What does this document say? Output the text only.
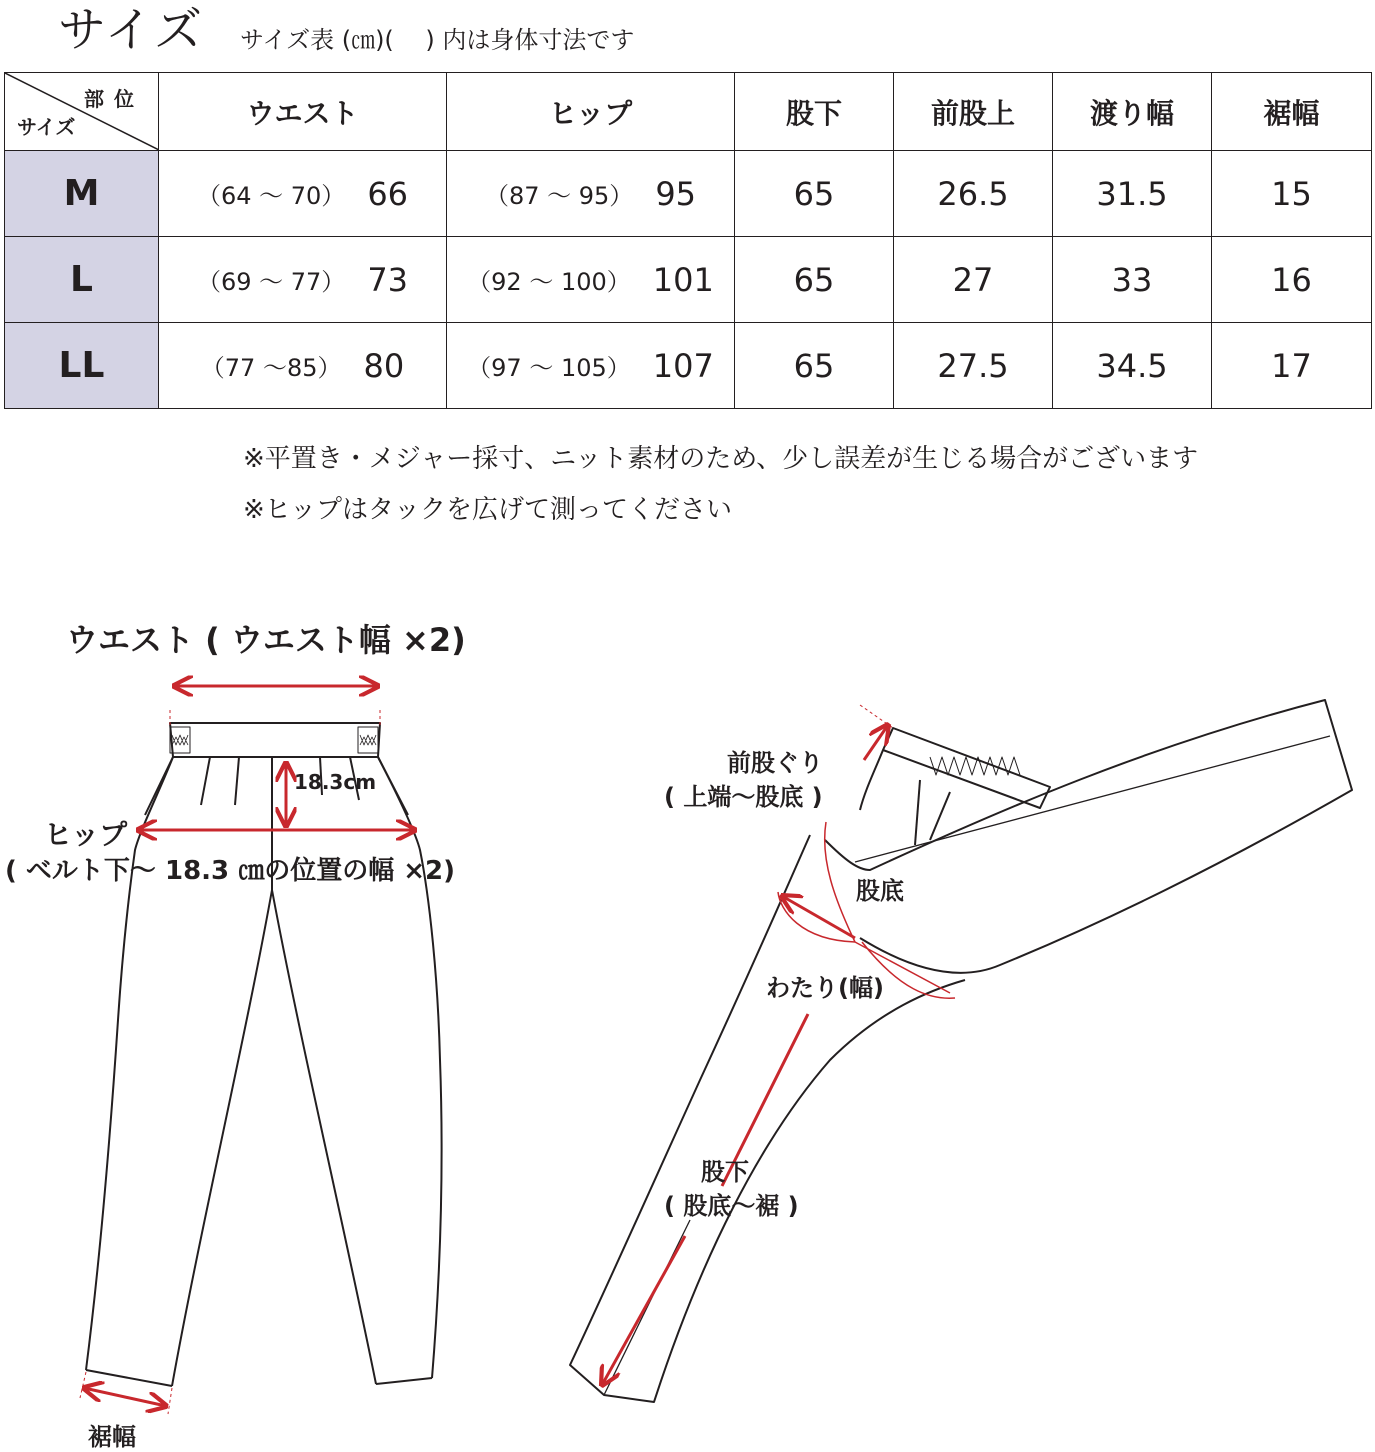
サイズ サイズ表 (㎝)(　 ) 内は身体寸法です
部位
サイズ	ウエスト	ヒップ	股下	前股上	渡り幅	裾幅
M	（64 〜 70） 66	（87 〜 95） 95	65	26.5	31.5	15
L	（69 〜 77） 73	（92 〜 100） 101	65	27	33	16
LL	（77 〜85） 80	（97 〜 105） 107	65	27.5	34.5	17
※平置き・メジャー採寸、ニット素材のため、少し誤差が生じる場合がございます
※ヒップはタックを広げて測ってください
ウエスト ( ウエスト幅 ×2)
18.3cm
ヒップ
( ベルト下〜 18.3 ㎝の位置の幅 ×2)
裾幅
前股ぐり
( 上端〜股底 )
股底
わたり(幅)
股下
( 股底〜裾 )
